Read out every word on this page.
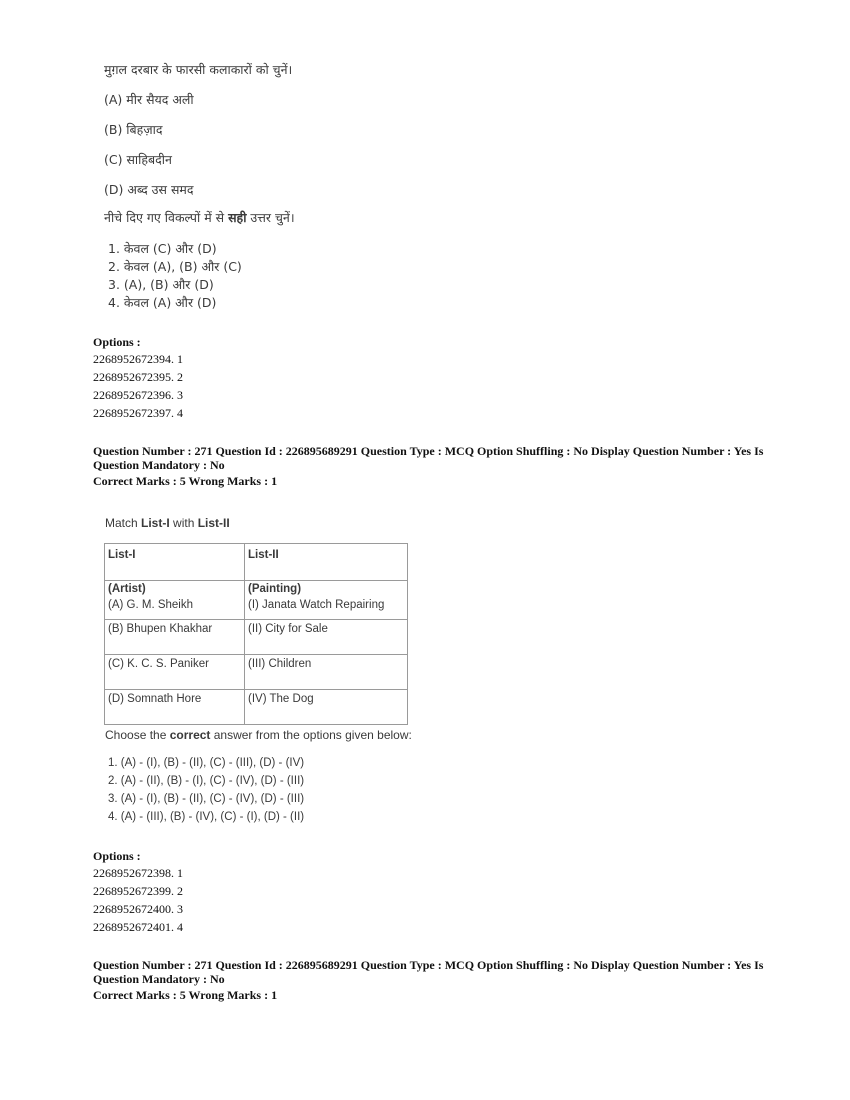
मुग़ल दरबार के फारसी कलाकारों को चुनें।
(A) मीर सैयद अली
(B) बिहज़ाद
(C) साहिबदीन
(D) अब्द उस समद
नीचे दिए गए विकल्पों में से सही उत्तर चुनें।
1. केवल (C) और (D)
2. केवल (A), (B) और (C)
3. (A), (B) और (D)
4. केवल (A) और (D)
Options :
2268952672394. 1
2268952672395. 2
2268952672396. 3
2268952672397. 4
Question Number : 271 Question Id : 226895689291 Question Type : MCQ Option Shuffling : No Display Question Number : Yes Is
Question Mandatory : No
Correct Marks : 5 Wrong Marks : 1
Match List-I with List-II
List-I	List-II
(Artist)	(Painting)
(A) G. M. Sheikh	(I) Janata Watch Repairing
(B) Bhupen Khakhar	(II) City for Sale
(C) K. C. S. Paniker	(III) Children
(D) Somnath Hore	(IV) The Dog
Choose the correct answer from the options given below:
1. (A) - (I), (B) - (II), (C) - (III), (D) - (IV)
2. (A) - (II), (B) - (I), (C) - (IV), (D) - (III)
3. (A) - (I), (B) - (II), (C) - (IV), (D) - (III)
4. (A) - (III), (B) - (IV), (C) - (I), (D) - (II)
Options :
2268952672398. 1
2268952672399. 2
2268952672400. 3
2268952672401. 4
Question Number : 271 Question Id : 226895689291 Question Type : MCQ Option Shuffling : No Display Question Number : Yes Is
Question Mandatory : No
Correct Marks : 5 Wrong Marks : 1
